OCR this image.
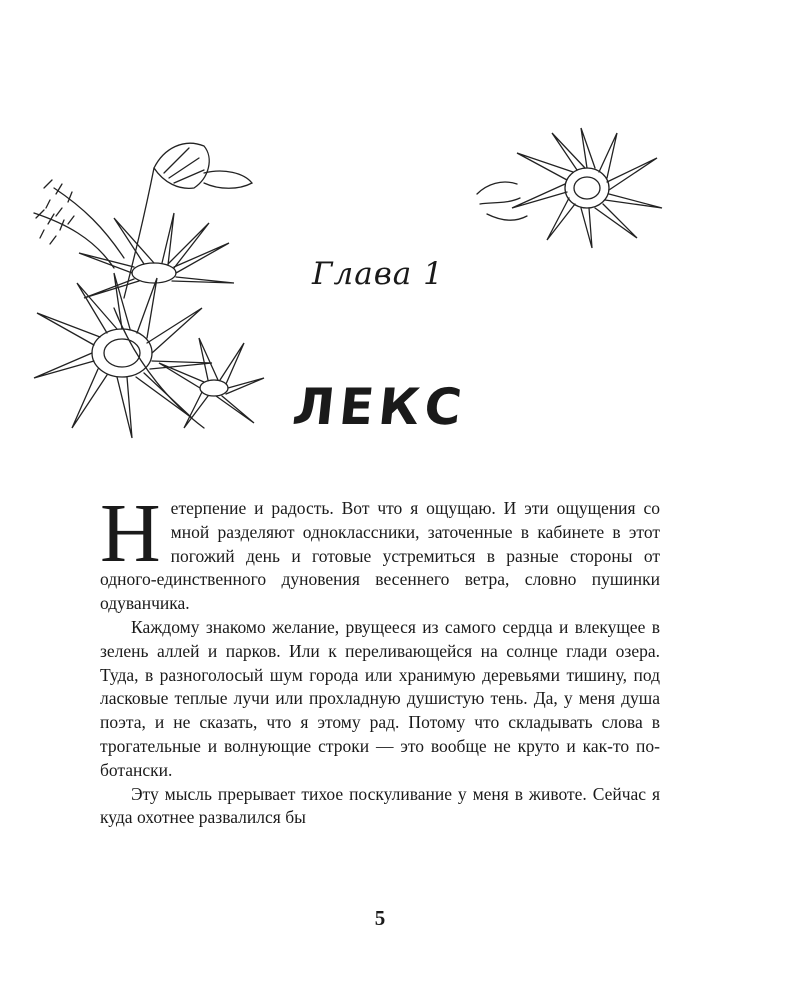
Глава 1
ЛЕКС

Нетерпение и радость. Вот что я ощущаю. И эти ощущения со мной разделяют одноклассники, заточенные в кабинете в этот погожий день и готовые устремиться в разные стороны от одного-единственного дуновения весеннего ветра, словно пушинки одуванчика.

Каждому знакомо желание, рвущееся из самого сердца и влекущее в зелень аллей и парков. Или к переливающейся на солнце глади озера. Туда, в разноголосый шум города или хранимую деревьями тишину, под ласковые теплые лучи или прохладную душистую тень. Да, у меня душа поэта, и не сказать, что я этому рад. Потому что складывать слова в трогательные и волнующие строки — это вообще не круто и как-то по-ботански.

Эту мысль прерывает тихое поскуливание у меня в животе. Сейчас я куда охотнее развалился бы

5
